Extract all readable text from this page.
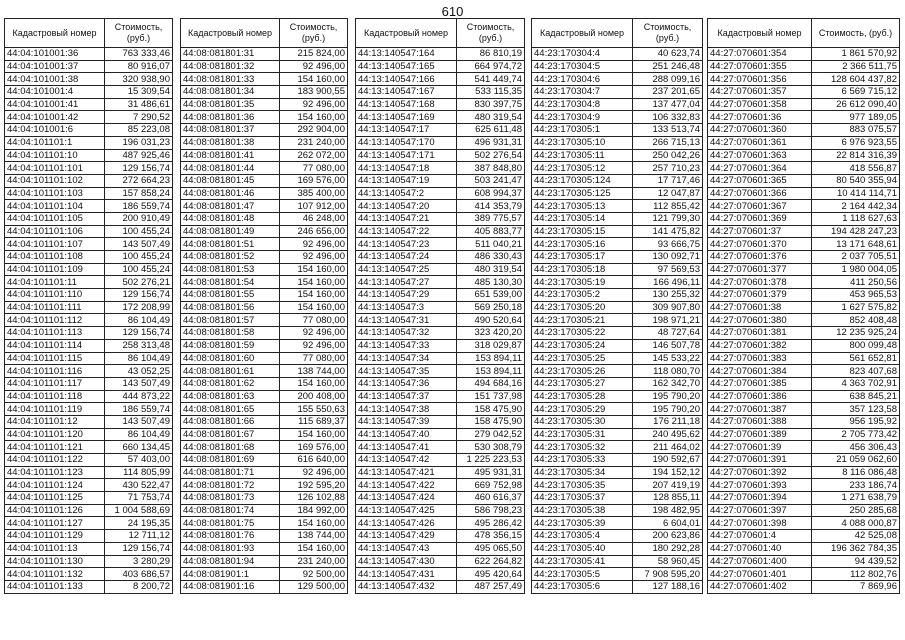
610
Кадастровый номер	Стоимость, (руб.)
44:04:101001:36	763 333,46
44:04:101001:37	80 916,07
44:04:101001:38	320 938,90
44:04:101001:4	15 309,54
44:04:101001:41	31 486,61
44:04:101001:42	7 290,52
44:04:101001:6	85 223,08
44:04:101101:1	196 031,23
44:04:101101:10	487 925,46
44:04:101101:101	129 156,74
44:04:101101:102	272 664,23
44:04:101101:103	157 858,24
44:04:101101:104	186 559,74
44:04:101101:105	200 910,49
44:04:101101:106	100 455,24
44:04:101101:107	143 507,49
44:04:101101:108	100 455,24
44:04:101101:109	100 455,24
44:04:101101:11	502 276,21
44:04:101101:110	129 156,74
44:04:101101:111	172 208,99
44:04:101101:112	86 104,49
44:04:101101:113	129 156,74
44:04:101101:114	258 313,48
44:04:101101:115	86 104,49
44:04:101101:116	43 052,25
44:04:101101:117	143 507,49
44:04:101101:118	444 873,22
44:04:101101:119	186 559,74
44:04:101101:12	143 507,49
44:04:101101:120	86 104,49
44:04:101101:121	660 134,45
44:04:101101:122	57 403,00
44:04:101101:123	114 805,99
44:04:101101:124	430 522,47
44:04:101101:125	71 753,74
44:04:101101:126	1 004 588,69
44:04:101101:127	24 195,35
44:04:101101:129	12 711,12
44:04:101101:13	129 156,74
44:04:101101:130	3 280,29
44:04:101101:132	403 686,57
44:04:101101:133	8 200,72
Кадастровый номер	Стоимость, (руб.)
44:08:081801:31	215 824,00
44:08:081801:32	92 496,00
44:08:081801:33	154 160,00
44:08:081801:34	183 900,55
44:08:081801:35	92 496,00
44:08:081801:36	154 160,00
44:08:081801:37	292 904,00
44:08:081801:38	231 240,00
44:08:081801:41	262 072,00
44:08:081801:44	77 080,00
44:08:081801:45	169 576,00
44:08:081801:46	385 400,00
44:08:081801:47	107 912,00
44:08:081801:48	46 248,00
44:08:081801:49	246 656,00
44:08:081801:51	92 496,00
44:08:081801:52	92 496,00
44:08:081801:53	154 160,00
44:08:081801:54	154 160,00
44:08:081801:55	154 160,00
44:08:081801:56	154 160,00
44:08:081801:57	77 080,00
44:08:081801:58	92 496,00
44:08:081801:59	92 496,00
44:08:081801:60	77 080,00
44:08:081801:61	138 744,00
44:08:081801:62	154 160,00
44:08:081801:63	200 408,00
44:08:081801:65	155 550,63
44:08:081801:66	115 689,37
44:08:081801:67	154 160,00
44:08:081801:68	169 576,00
44:08:081801:69	616 640,00
44:08:081801:71	92 496,00
44:08:081801:72	192 595,20
44:08:081801:73	126 102,88
44:08:081801:74	184 992,00
44:08:081801:75	154 160,00
44:08:081801:76	138 744,00
44:08:081801:93	154 160,00
44:08:081801:94	231 240,00
44:08:081901:1	92 500,00
44:08:081901:16	129 500,00
Кадастровый номер	Стоимость, (руб.)
44:13:140547:164	86 810,19
44:13:140547:165	664 974,72
44:13:140547:166	541 449,74
44:13:140547:167	533 115,35
44:13:140547:168	830 397,75
44:13:140547:169	480 319,54
44:13:140547:17	625 611,48
44:13:140547:170	496 931,31
44:13:140547:171	502 276,54
44:13:140547:18	387 848,80
44:13:140547:19	503 241,47
44:13:140547:2	608 994,37
44:13:140547:20	414 353,79
44:13:140547:21	389 775,57
44:13:140547:22	405 883,77
44:13:140547:23	511 040,21
44:13:140547:24	486 330,43
44:13:140547:25	480 319,54
44:13:140547:27	485 130,30
44:13:140547:29	651 539,00
44:13:140547:3	569 250,18
44:13:140547:31	490 520,64
44:13:140547:32	323 420,20
44:13:140547:33	318 029,87
44:13:140547:34	153 894,11
44:13:140547:35	153 894,11
44:13:140547:36	494 684,16
44:13:140547:37	151 737,98
44:13:140547:38	158 475,90
44:13:140547:39	158 475,90
44:13:140547:40	279 042,52
44:13:140547:41	530 308,79
44:13:140547:42	1 225 223,53
44:13:140547:421	495 931,31
44:13:140547:422	669 752,98
44:13:140547:424	460 616,37
44:13:140547:425	586 798,23
44:13:140547:426	495 286,42
44:13:140547:429	478 356,15
44:13:140547:43	495 065,50
44:13:140547:430	622 264,82
44:13:140547:431	495 420,64
44:13:140547:432	487 257,49
Кадастровый номер	Стоимость, (руб.)
44:23:170304:4	40 623,74
44:23:170304:5	251 246,48
44:23:170304:6	288 099,16
44:23:170304:7	237 201,65
44:23:170304:8	137 477,04
44:23:170304:9	106 332,83
44:23:170305:1	133 513,74
44:23:170305:10	266 715,13
44:23:170305:11	250 042,26
44:23:170305:12	257 710,23
44:23:170305:124	17 717,46
44:23:170305:125	12 047,87
44:23:170305:13	112 855,42
44:23:170305:14	121 799,30
44:23:170305:15	141 475,82
44:23:170305:16	93 666,75
44:23:170305:17	130 092,71
44:23:170305:18	97 569,53
44:23:170305:19	166 496,11
44:23:170305:2	130 255,32
44:23:170305:20	309 907,80
44:23:170305:21	198 971,21
44:23:170305:22	48 727,64
44:23:170305:24	146 507,78
44:23:170305:25	145 533,22
44:23:170305:26	118 080,70
44:23:170305:27	162 342,70
44:23:170305:28	195 790,20
44:23:170305:29	195 790,20
44:23:170305:30	176 211,18
44:23:170305:31	240 495,62
44:23:170305:32	211 464,02
44:23:170305:33	190 592,67
44:23:170305:34	194 152,12
44:23:170305:35	207 419,19
44:23:170305:37	128 855,11
44:23:170305:38	198 482,95
44:23:170305:39	6 604,01
44:23:170305:4	200 623,86
44:23:170305:40	180 292,28
44:23:170305:41	58 960,45
44:23:170305:5	7 908 595,20
44:23:170305:6	127 188,16
Кадастровый номер	Стоимость, (руб.)
44:27:070601:354	1 861 570,92
44:27:070601:355	2 366 511,75
44:27:070601:356	128 604 437,82
44:27:070601:357	6 569 715,12
44:27:070601:358	26 612 090,40
44:27:070601:36	977 189,05
44:27:070601:360	883 075,57
44:27:070601:361	6 976 923,55
44:27:070601:363	22 814 316,39
44:27:070601:364	418 556,87
44:27:070601:365	80 540 355,94
44:27:070601:366	10 414 114,71
44:27:070601:367	2 164 442,34
44:27:070601:369	1 118 627,63
44:27:070601:37	194 428 247,23
44:27:070601:370	13 171 648,61
44:27:070601:376	2 037 705,51
44:27:070601:377	1 980 004,05
44:27:070601:378	411 250,56
44:27:070601:379	453 965,53
44:27:070601:38	1 627 575,82
44:27:070601:380	852 408,48
44:27:070601:381	12 235 925,24
44:27:070601:382	800 099,48
44:27:070601:383	561 652,81
44:27:070601:384	823 407,68
44:27:070601:385	4 363 702,91
44:27:070601:386	638 845,21
44:27:070601:387	357 123,58
44:27:070601:388	956 195,92
44:27:070601:389	2 705 773,42
44:27:070601:39	456 306,43
44:27:070601:391	21 059 062,60
44:27:070601:392	8 116 086,48
44:27:070601:393	233 186,74
44:27:070601:394	1 271 638,79
44:27:070601:397	250 285,68
44:27:070601:398	4 088 000,87
44:27:070601:4	42 525,08
44:27:070601:40	196 362 784,35
44:27:070601:400	94 439,52
44:27:070601:401	112 802,76
44:27:070601:402	7 869,96
